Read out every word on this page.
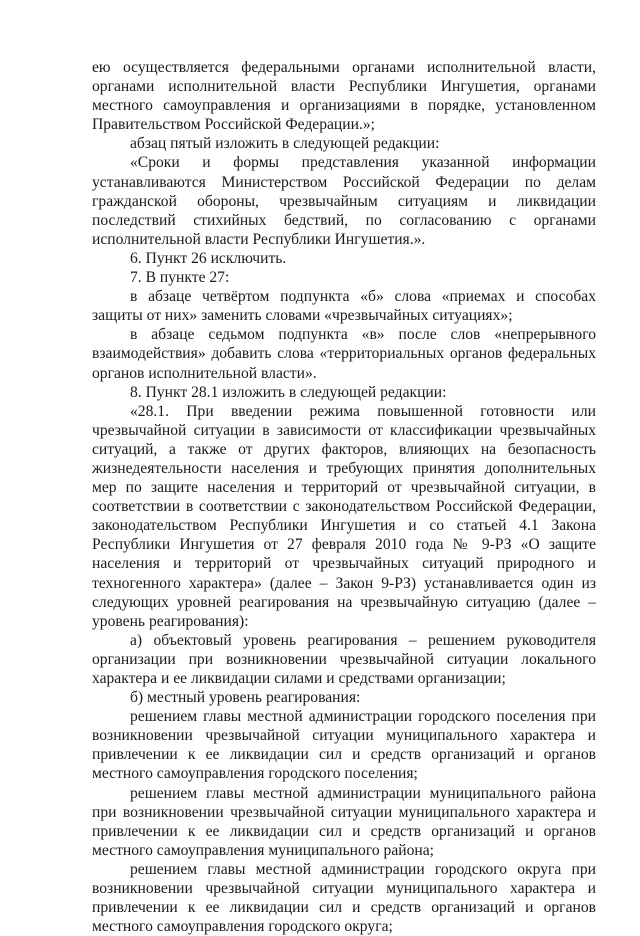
ею осуществляется федеральными органами исполнительной власти, органами исполнительной власти Республики Ингушетия, органами местного самоуправления и организациями в порядке, установленном Правительством Российской Федерации.»;

абзац пятый изложить в следующей редакции:

«Сроки и формы представления указанной информации устанавливаются Министерством Российской Федерации по делам гражданской обороны, чрезвычайным ситуациям и ликвидации последствий стихийных бедствий, по согласованию с органами исполнительной власти Республики Ингушетия.».

6. Пункт 26 исключить.

7. В пункте 27:

в абзаце четвёртом подпункта «б» слова «приемах и способах защиты от них» заменить словами «чрезвычайных ситуациях»;

в абзаце седьмом подпункта «в» после слов «непрерывного взаимодействия» добавить слова «территориальных органов федеральных органов исполнительной власти».

8. Пункт 28.1 изложить в следующей редакции:

«28.1. При введении режима повышенной готовности или чрезвычайной ситуации в зависимости от классификации чрезвычайных ситуаций, а также от других факторов, влияющих на безопасность жизнедеятельности населения и требующих принятия дополнительных мер по защите населения и территорий от чрезвычайной ситуации, в соответствии в соответствии с законодательством Российской Федерации, законодательством Республики Ингушетия и со статьей 4.1 Закона Республики Ингушетия от 27 февраля 2010 года № 9-РЗ «О защите населения и территорий от чрезвычайных ситуаций природного и техногенного характера» (далее – Закон 9-РЗ) устанавливается один из следующих уровней реагирования на чрезвычайную ситуацию (далее – уровень реагирования):

а) объектовый уровень реагирования – решением руководителя организации при возникновении чрезвычайной ситуации локального характера и ее ликвидации силами и средствами организации;

б) местный уровень реагирования:

решением главы местной администрации городского поселения при возникновении чрезвычайной ситуации муниципального характера и привлечении к ее ликвидации сил и средств организаций и органов местного самоуправления городского поселения;

решением главы местной администрации муниципального района при возникновении чрезвычайной ситуации муниципального характера и привлечении к ее ликвидации сил и средств организаций и органов местного самоуправления муниципального района;

решением главы местной администрации городского округа при возникновении чрезвычайной ситуации муниципального характера и привлечении к ее ликвидации сил и средств организаций и органов местного самоуправления городского округа;
